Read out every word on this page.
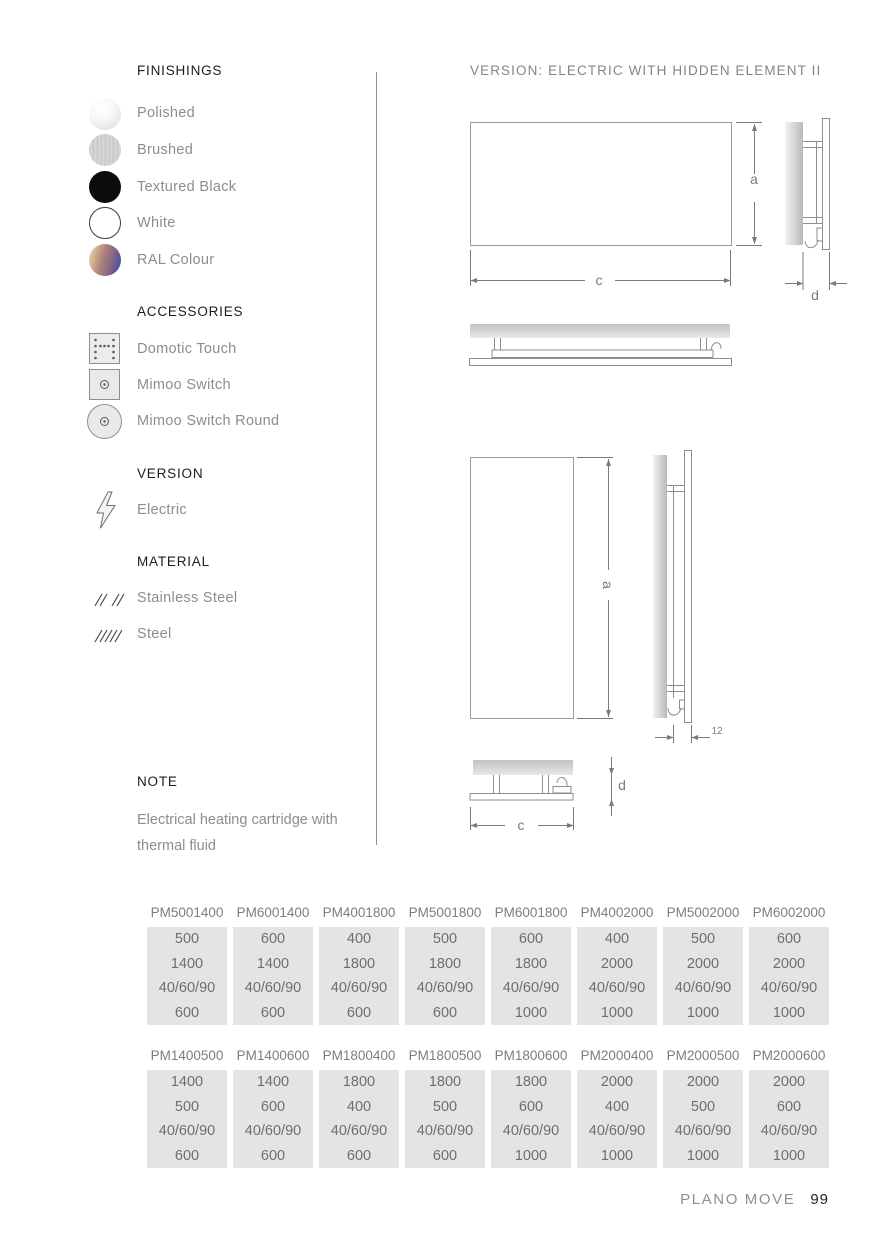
FINISHINGS
Polished
Brushed
Textured Black
White
RAL Colour
ACCESSORIES
Domotic Touch
Mimoo Switch
Mimoo Switch Round
VERSION
Electric
MATERIAL
Stainless Steel
Steel
NOTE
Electrical heating cartridge with
thermal fluid
VERSION: ELECTRIC WITH HIDDEN ELEMENT II
a
c
d
a
12
d
c
PM5001400
500
1400
40/60/90
600
PM6001400
600
1400
40/60/90
600
PM4001800
400
1800
40/60/90
600
PM5001800
500
1800
40/60/90
600
PM6001800
600
1800
40/60/90
1000
PM4002000
400
2000
40/60/90
1000
PM5002000
500
2000
40/60/90
1000
PM6002000
600
2000
40/60/90
1000
PM1400500
1400
500
40/60/90
600
PM1400600
1400
600
40/60/90
600
PM1800400
1800
400
40/60/90
600
PM1800500
1800
500
40/60/90
600
PM1800600
1800
600
40/60/90
1000
PM2000400
2000
400
40/60/90
1000
PM2000500
2000
500
40/60/90
1000
PM2000600
2000
600
40/60/90
1000
PLANO MOVE 99
